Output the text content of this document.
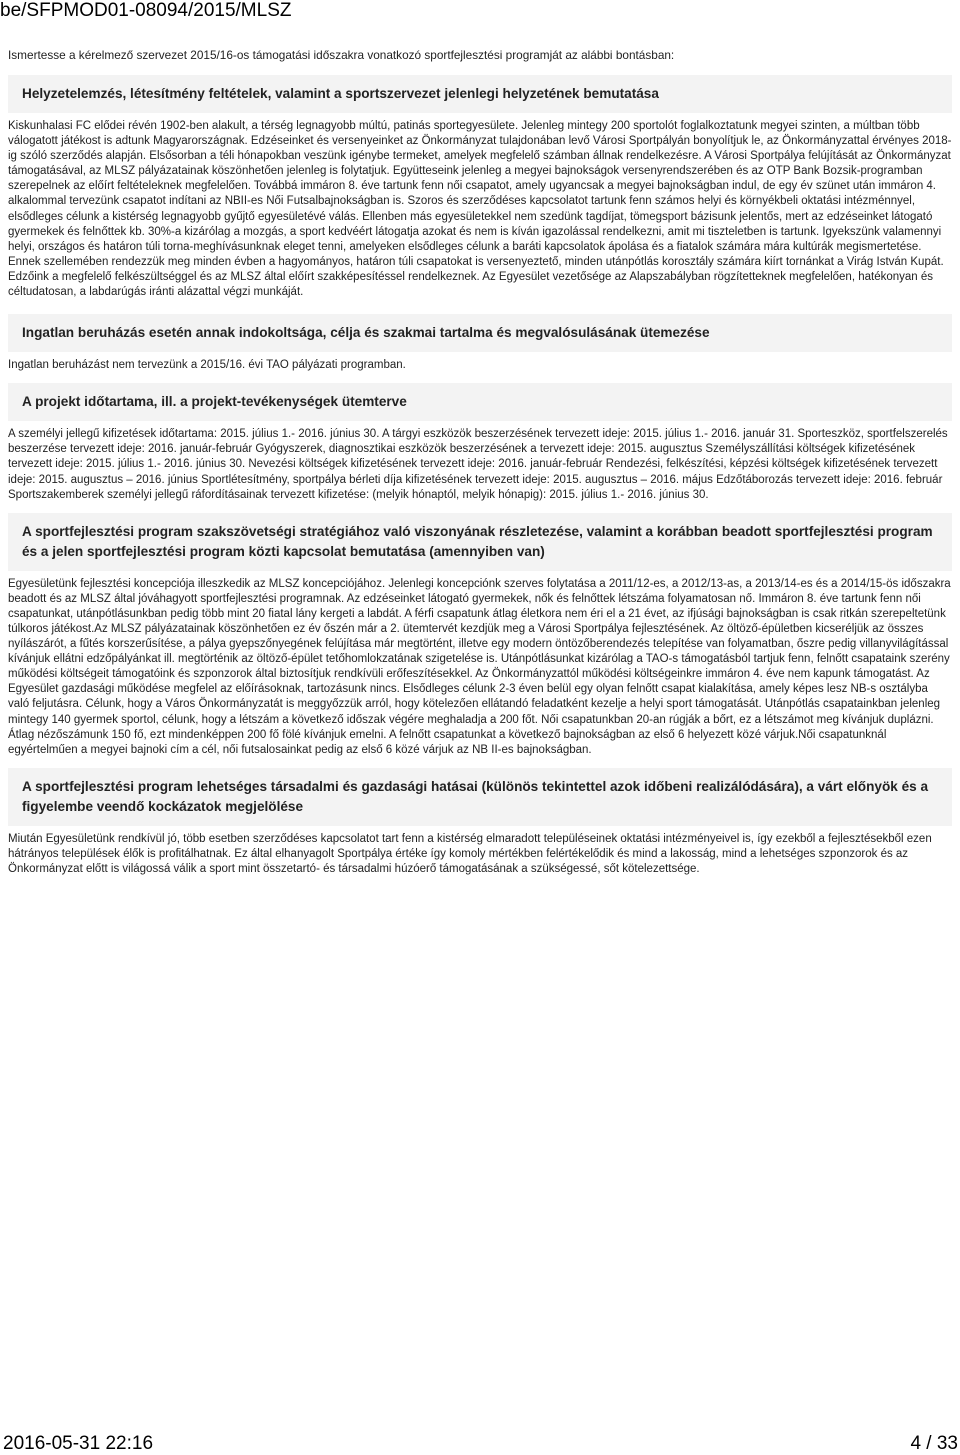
be/SFPMOD01-08094/2015/MLSZ

Ismertesse a kérelmező szervezet 2015/16-os támogatási időszakra vonatkozó sportfejlesztési programját az alábbi bontásban:

Helyzetelemzés, létesítmény feltételek, valamint a sportszervezet jelenlegi helyzetének bemutatása

Kiskunhalasi FC elődei révén 1902-ben alakult, a térség legnagyobb múltú, patinás sportegyesülete. Jelenleg mintegy 200 sportolót foglalkoztatunk megyei szinten, a múltban több válogatott játékost is adtunk Magyarországnak. Edzéseinket és versenyeinket az Önkormányzat tulajdonában levő Városi Sportpályán bonyolítjuk le, az Önkormányzattal érvényes 2018-ig szóló szerződés alapján. Elsősorban a téli hónapokban veszünk igénybe termeket, amelyek megfelelő számban állnak rendelkezésre. A Városi Sportpálya felújítását az Önkormányzat támogatásával, az MLSZ pályázatainak köszönhetően jelenleg is folytatjuk. Együtteseink jelenleg a megyei bajnokságok versenyrendszerében és az OTP Bank Bozsik-programban szerepelnek az előírt feltételeknek megfelelően. Továbbá immáron 8. éve tartunk fenn női csapatot, amely ugyancsak a megyei bajnokságban indul, de egy év szünet után immáron 4. alkalommal tervezünk csapatot indítani az NBII-es Női Futsalbajnokságban is. Szoros és szerződéses kapcsolatot tartunk fenn számos helyi és környékbeli oktatási intézménnyel, elsődleges célunk a kistérség legnagyobb gyűjtő egyesületévé válás. Ellenben más egyesületekkel nem szedünk tagdíjat, tömegsport bázisunk jelentős, mert az edzéseinket látogató gyermekek és felnőttek kb. 30%-a kizárólag a mozgás, a sport kedvéért látogatja azokat és nem is kíván igazolással rendelkezni, amit mi tiszteletben is tartunk. Igyekszünk valamennyi helyi, országos és határon túli torna-meghívásunknak eleget tenni, amelyeken elsődleges célunk a baráti kapcsolatok ápolása és a fiatalok számára mára kultúrák megismertetése. Ennek szellemében rendezzük meg minden évben a hagyományos, határon túli csapatokat is versenyeztető, minden utánpótlás korosztály számára kiírt tornánkat a Virág István Kupát. Edzőink a megfelelő felkészültséggel és az MLSZ által előírt szakképesítéssel rendelkeznek. Az Egyesület vezetősége az Alapszabályban rögzítetteknek megfelelően, hatékonyan és céltudatosan, a labdarúgás iránti alázattal végzi munkáját.

Ingatlan beruházás esetén annak indokoltsága, célja és szakmai tartalma és megvalósulásának ütemezése

Ingatlan beruházást nem tervezünk a 2015/16. évi TAO pályázati programban.

A projekt időtartama, ill. a projekt-tevékenységek ütemterve

A személyi jellegű kifizetések időtartama: 2015. július 1.- 2016. június 30. A tárgyi eszközök beszerzésének tervezett ideje: 2015. július 1.- 2016. január 31. Sporteszköz, sportfelszerelés beszerzése tervezett ideje: 2016. január-február Gyógyszerek, diagnosztikai eszközök beszerzésének a tervezett ideje: 2015. augusztus Személyszállítási költségek kifizetésének tervezett ideje: 2015. július 1.- 2016. június 30. Nevezési költségek kifizetésének tervezett ideje: 2016. január-február Rendezési, felkészítési, képzési költségek kifizetésének tervezett ideje: 2015. augusztus – 2016. június Sportlétesítmény, sportpálya bérleti díja kifizetésének tervezett ideje: 2015. augusztus – 2016. május Edzőtáborozás tervezett ideje: 2016. február Sportszakemberek személyi jellegű ráfordításainak tervezett kifizetése: (melyik hónaptól, melyik hónapig): 2015. július 1.- 2016. június 30.

A sportfejlesztési program szakszövetségi stratégiához való viszonyának részletezése, valamint a korábban beadott sportfejlesztési program és a jelen sportfejlesztési program közti kapcsolat bemutatása (amennyiben van)

Egyesületünk fejlesztési koncepciója illeszkedik az MLSZ koncepciójához. Jelenlegi koncepciónk szerves folytatása a 2011/12-es, a 2012/13-as, a 2013/14-es és a 2014/15-ös időszakra beadott és az MLSZ által jóváhagyott sportfejlesztési programnak. Az edzéseinket látogató gyermekek, nők és felnőttek létszáma folyamatosan nő. Immáron 8. éve tartunk fenn női csapatunkat, utánpótlásunkban pedig több mint 20 fiatal lány kergeti a labdát. A férfi csapatunk átlag életkora nem éri el a 21 évet, az ifjúsági bajnokságban is csak ritkán szerepeltetünk túlkoros játékost.Az MLSZ pályázatainak köszönhetően ez év őszén már a 2. ütemtervét kezdjük meg a Városi Sportpálya fejlesztésének. Az öltöző-épületben kicseréljük az összes nyílászárót, a fűtés korszerűsítése, a pálya gyepszőnyegének felújítása már megtörtént, illetve egy modern öntözőberendezés telepítése van folyamatban, őszre pedig villanyvilágítással kívánjuk ellátni edzőpályánkat ill. megtörténik az öltöző-épület tetőhomlokzatának szigetelése is. Utánpótlásunkat kizárólag a TAO-s támogatásból tartjuk fenn, felnőtt csapataink szerény működési költségeit támogatóink és szponzorok által biztosítjuk rendkívüli erőfeszítésekkel. Az Önkormányzattól működési költségeinkre immáron 4. éve nem kapunk támogatást. Az Egyesület gazdasági működése megfelel az előírásoknak, tartozásunk nincs. Elsődleges célunk 2-3 éven belül egy olyan felnőtt csapat kialakítása, amely képes lesz NB-s osztályba való feljutásra. Célunk, hogy a Város Önkormányzatát is meggyőzzük arról, hogy kötelezően ellátandó feladatként kezelje a helyi sport támogatását. Utánpótlás csapatainkban jelenleg mintegy 140 gyermek sportol, célunk, hogy a létszám a következő időszak végére meghaladja a 200 főt. Női csapatunkban 20-an rúgják a bőrt, ez a létszámot meg kívánjuk duplázni. Átlag nézőszámunk 150 fő, ezt mindenképpen 200 fő fölé kívánjuk emelni. A felnőtt csapatunkat a következő bajnokságban az első 6 helyezett közé várjuk.Női csapatunknál egyértelműen a megyei bajnoki cím a cél, női futsalosainkat pedig az első 6 közé várjuk az NB II-es bajnokságban.

A sportfejlesztési program lehetséges társadalmi és gazdasági hatásai (különös tekintettel azok időbeni realizálódására), a várt előnyök és a figyelembe veendő kockázatok megjelölése

Miután Egyesületünk rendkívül jó, több esetben szerződéses kapcsolatot tart fenn a kistérség elmaradott településeinek oktatási intézményeivel is, így ezekből a fejlesztésekből ezen hátrányos települések élők is profitálhatnak. Ez által elhanyagolt Sportpálya értéke így komoly mértékben felértékelődik és mind a lakosság, mind a lehetséges szponzorok és az Önkormányzat előtt is világossá válik a sport mint összetartó- és társadalmi húzóerő támogatásának a szükségessé, sőt kötelezettsége.

2016-05-31 22:16	4 / 33
